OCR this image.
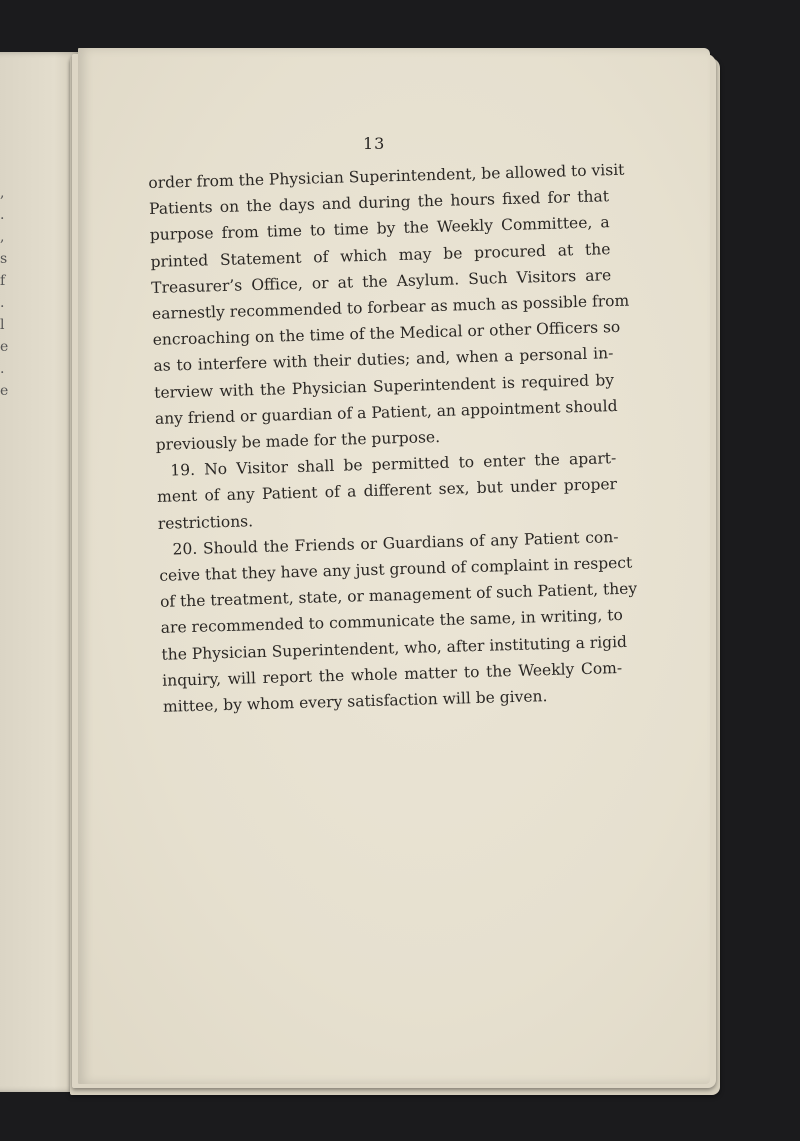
,
.
,
s
f
.
l
e
.
e
13
order from the Physician Superintendent, be allowed to visit
Patients on the days and during the hours fixed for that
purpose from time to time by the Weekly Committee, a
printed Statement of which may be procured at the
Treasurer’s Office, or at the Asylum. Such Visitors are
earnestly recommended to forbear as much as possible from
encroaching on the time of the Medical or other Officers so
as to interfere with their duties; and, when a personal in-
terview with the Physician Superintendent is required by
any friend or guardian of a Patient, an appointment should
previously be made for the purpose.
19. No Visitor shall be permitted to enter the apart-
ment of any Patient of a different sex, but under proper
restrictions.
20. Should the Friends or Guardians of any Patient con-
ceive that they have any just ground of complaint in respect
of the treatment, state, or management of such Patient, they
are recommended to communicate the same, in writing, to
the Physician Superintendent, who, after instituting a rigid
inquiry, will report the whole matter to the Weekly Com-
mittee, by whom every satisfaction will be given.
